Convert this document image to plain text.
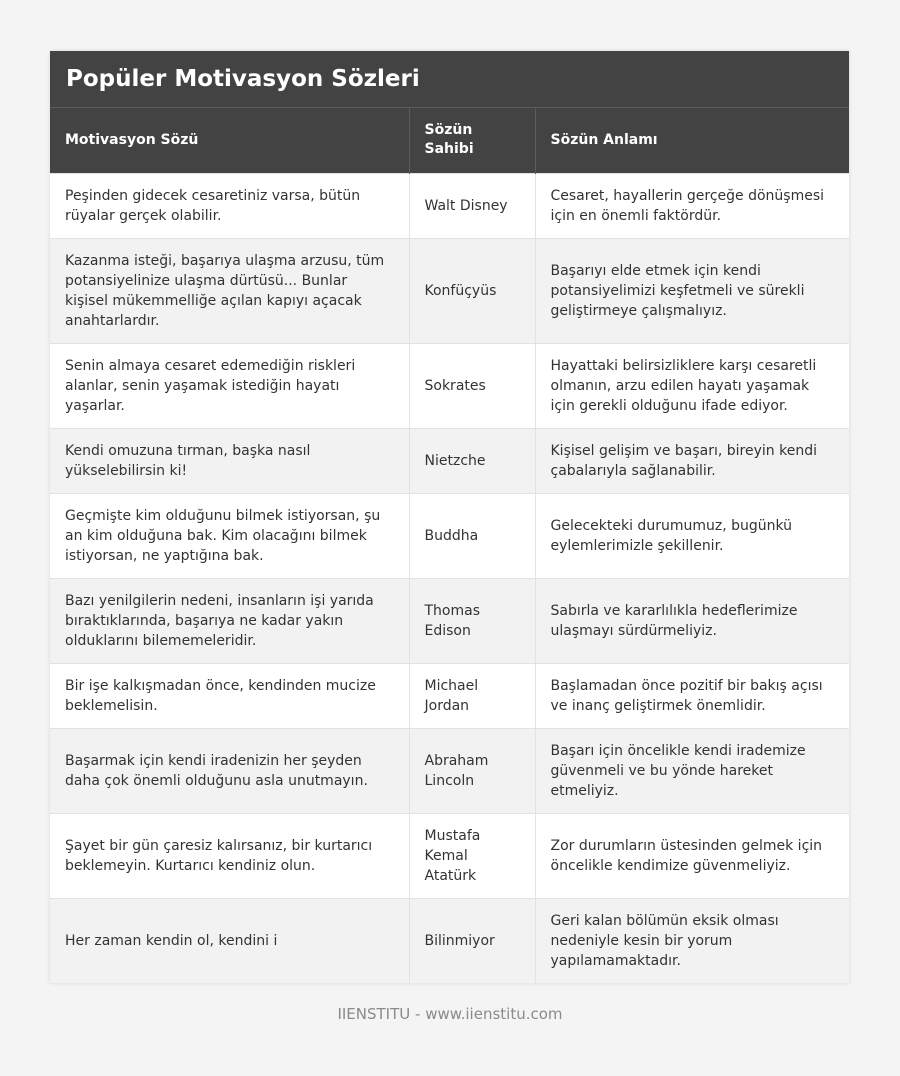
Popüler Motivasyon Sözleri
Motivasyon Sözü	Sözün Sahibi	Sözün Anlamı
Peşinden gidecek cesaretiniz varsa, bütün rüyalar gerçek olabilir.	Walt Disney	Cesaret, hayallerin gerçeğe dönüşmesi için en önemli faktördür.
Kazanma isteği, başarıya ulaşma arzusu, tüm potansiyelinize ulaşma dürtüsü... Bunlar kişisel mükemmelliğe açılan kapıyı açacak anahtarlardır.	Konfüçyüs	Başarıyı elde etmek için kendi potansiyelimizi keşfetmeli ve sürekli geliştirmeye çalışmalıyız.
Senin almaya cesaret edemediğin riskleri alanlar, senin yaşamak istediğin hayatı yaşarlar.	Sokrates	Hayattaki belirsizliklere karşı cesaretli olmanın, arzu edilen hayatı yaşamak için gerekli olduğunu ifade ediyor.
Kendi omuzuna tırman, başka nasıl yükselebilirsin ki!	Nietzche	Kişisel gelişim ve başarı, bireyin kendi çabalarıyla sağlanabilir.
Geçmişte kim olduğunu bilmek istiyorsan, şu an kim olduğuna bak. Kim olacağını bilmek istiyorsan, ne yaptığına bak.	Buddha	Gelecekteki durumumuz, bugünkü eylemlerimizle şekillenir.
Bazı yenilgilerin nedeni, insanların işi yarıda bıraktıklarında, başarıya ne kadar yakın olduklarını bilememeleridir.	Thomas Edison	Sabırla ve kararlılıkla hedeflerimize ulaşmayı sürdürmeliyiz.
Bir işe kalkışmadan önce, kendinden mucize beklemelisin.	Michael Jordan	Başlamadan önce pozitif bir bakış açısı ve inanç geliştirmek önemlidir.
Başarmak için kendi iradenizin her şeyden daha çok önemli olduğunu asla unutmayın.	Abraham Lincoln	Başarı için öncelikle kendi irademize güvenmeli ve bu yönde hareket etmeliyiz.
Şayet bir gün çaresiz kalırsanız, bir kurtarıcı beklemeyin. Kurtarıcı kendiniz olun.	Mustafa Kemal Atatürk	Zor durumların üstesinden gelmek için öncelikle kendimize güvenmeliyiz.
Her zaman kendin ol, kendini i	Bilinmiyor	Geri kalan bölümün eksik olması nedeniyle kesin bir yorum yapılamamaktadır.
IIENSTITU - www.iienstitu.com
